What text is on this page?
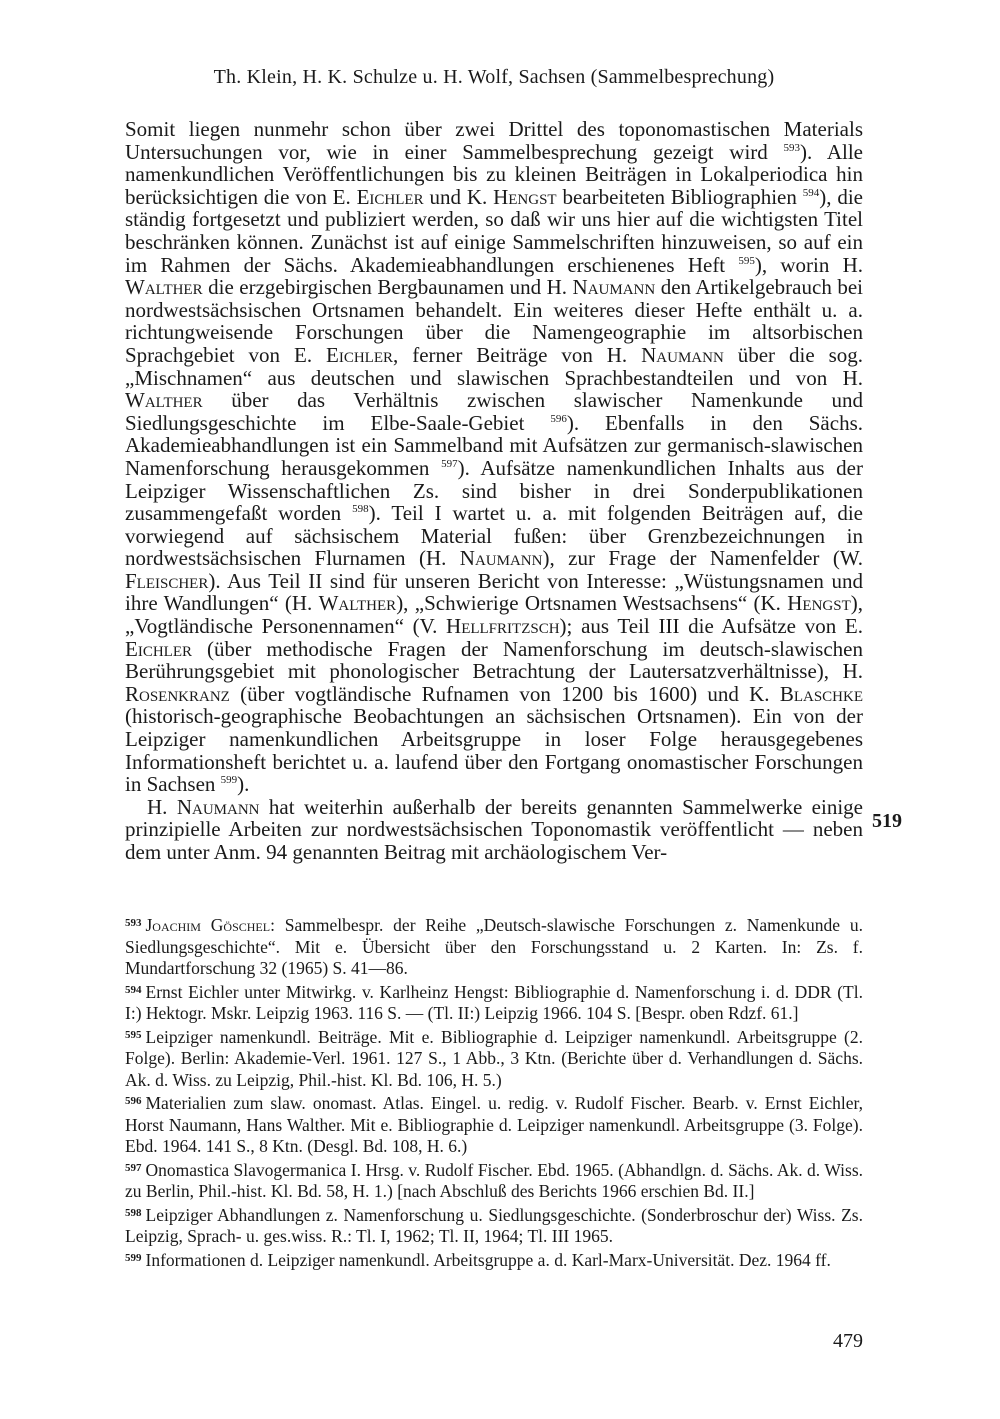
Th. Klein, H. K. Schulze u. H. Wolf, Sachsen (Sammelbesprechung)

Somit liegen nunmehr schon über zwei Drittel des toponomastischen Materials Untersuchungen vor, wie in einer Sammelbesprechung gezeigt wird $^{593}$). Alle namenkundlichen Veröffentlichungen bis zu kleinen Beiträgen in Lokalperiodica hin berücksichtigen die von E. Eichler und K. Hengst bearbeiteten Bibliographien $^{594}$), die ständig fortgesetzt und publiziert werden, so daß wir uns hier auf die wichtigsten Titel beschränken können. Zunächst ist auf einige Sammelschriften hinzuweisen, so auf ein im Rahmen der Sächs. Akademieabhandlungen erschienenes Heft $^{595}$), worin H. Walther die erzgebirgischen Bergbaunamen und H. Naumann den Artikelgebrauch bei nordwestsächsischen Ortsnamen behandelt. Ein weiteres dieser Hefte enthält u. a. richtungweisende Forschungen über die Namengeographie im altsorbischen Sprachgebiet von E. Eichler, ferner Beiträge von H. Naumann über die sog. „Mischnamen“ aus deutschen und slawischen Sprachbestandteilen und von H. Walther über das Verhältnis zwischen slawischer Namenkunde und Siedlungsgeschichte im Elbe-Saale-Gebiet $^{596}$). Ebenfalls in den Sächs. Akademieabhandlungen ist ein Sammelband mit Aufsätzen zur germanisch-slawischen Namenforschung herausgekommen $^{597}$). Aufsätze namenkundlichen Inhalts aus der Leipziger Wissenschaftlichen Zs. sind bisher in drei Sonderpublikationen zusammengefaßt worden $^{598}$). Teil I wartet u. a. mit folgenden Beiträgen auf, die vorwiegend auf sächsischem Material fußen: über Grenzbezeichnungen in nordwestsächsischen Flurnamen (H. Naumann), zur Frage der Namenfelder (W. Fleischer). Aus Teil II sind für unseren Bericht von Interesse: „Wüstungsnamen und ihre Wandlungen“ (H. Walther), „Schwierige Ortsnamen Westsachsens“ (K. Hengst), „Vogtländische Personennamen“ (V. Hellfritzsch); aus Teil III die Aufsätze von E. Eichler (über methodische Fragen der Namenforschung im deutsch-slawischen Berührungsgebiet mit phonologischer Betrachtung der Lautersatzverhältnisse), H. Rosenkranz (über vogtländische Rufnamen von 1200 bis 1600) und K. Blaschke (historisch-geographische Beobachtungen an sächsischen Ortsnamen). Ein von der Leipziger namenkundlichen Arbeitsgruppe in loser Folge herausgegebenes Informationsheft berichtet u. a. laufend über den Fortgang onomastischer Forschungen in Sachsen $^{599}$).

H. Naumann hat weiterhin außerhalb der bereits genannten Sammelwerke einige prinzipielle Arbeiten zur nordwestsächsischen Toponomastik veröffentlicht — neben dem unter Anm. 94 genannten Beitrag mit archäologischem Ver-

519

$^{593}$ Joachim Göschel: Sammelbespr. der Reihe „Deutsch-slawische Forschungen z. Namenkunde u. Siedlungsgeschichte“. Mit e. Übersicht über den Forschungsstand u. 2 Karten. In: Zs. f. Mundartforschung 32 (1965) S. 41—86.

$^{594}$ Ernst Eichler unter Mitwirkg. v. Karlheinz Hengst: Bibliographie d. Namenforschung i. d. DDR (Tl. I:) Hektogr. Mskr. Leipzig 1963. 116 S. — (Tl. II:) Leipzig 1966. 104 S. [Bespr. oben Rdzf. 61.]

$^{595}$ Leipziger namenkundl. Beiträge. Mit e. Bibliographie d. Leipziger namenkundl. Arbeitsgruppe (2. Folge). Berlin: Akademie-Verl. 1961. 127 S., 1 Abb., 3 Ktn. (Berichte über d. Verhandlungen d. Sächs. Ak. d. Wiss. zu Leipzig, Phil.-hist. Kl. Bd. 106, H. 5.)

$^{596}$ Materialien zum slaw. onomast. Atlas. Eingel. u. redig. v. Rudolf Fischer. Bearb. v. Ernst Eichler, Horst Naumann, Hans Walther. Mit e. Bibliographie d. Leipziger namenkundl. Arbeitsgruppe (3. Folge). Ebd. 1964. 141 S., 8 Ktn. (Desgl. Bd. 108, H. 6.)

$^{597}$ Onomastica Slavogermanica I. Hrsg. v. Rudolf Fischer. Ebd. 1965. (Abhandlgn. d. Sächs. Ak. d. Wiss. zu Berlin, Phil.-hist. Kl. Bd. 58, H. 1.) [nach Abschluß des Berichts 1966 erschien Bd. II.]

$^{598}$ Leipziger Abhandlungen z. Namenforschung u. Siedlungsgeschichte. (Sonderbroschur der) Wiss. Zs. Leipzig, Sprach- u. ges.wiss. R.: Tl. I, 1962; Tl. II, 1964; Tl. III 1965.

$^{599}$ Informationen d. Leipziger namenkundl. Arbeitsgruppe a. d. Karl-Marx-Universität. Dez. 1964 ff.

479
